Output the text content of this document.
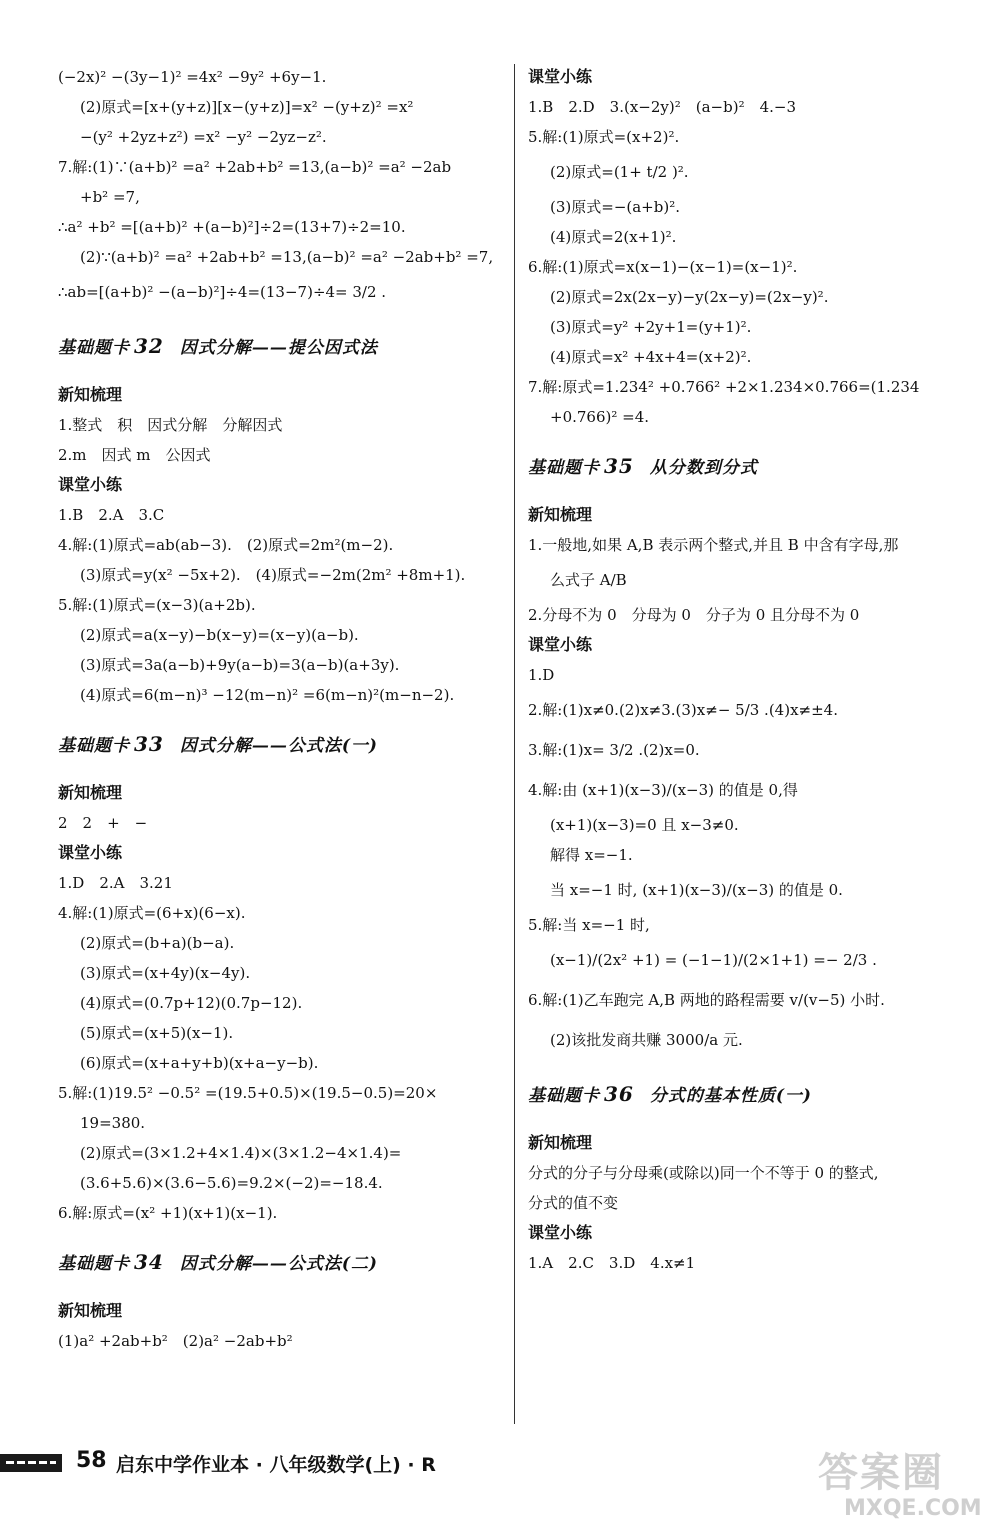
(−2x)² −(3y−1)² =4x² −9y² +6y−1.
(2)原式=[x+(y+z)][x−(y+z)]=x² −(y+z)² =x²
−(y² +2yz+z²) =x² −y² −2yz−z².
7.解:(1)∵(a+b)² =a² +2ab+b² =13,(a−b)² =a² −2ab
+b² =7,
∴a² +b² =[(a+b)² +(a−b)²]÷2=(13+7)÷2=10.
(2)∵(a+b)² =a² +2ab+b² =13,(a−b)² =a² −2ab+b² =7,
∴ab=[(a+b)² −(a−b)²]÷4=(13−7)÷4= 3/2 .
基础题卡 32 因式分解——提公因式法
新知梳理
1.整式　积　因式分解　分解因式
2.m　因式 m　公因式
课堂小练
1.B　2.A　3.C
4.解:(1)原式=ab(ab−3).　(2)原式=2m²(m−2).
(3)原式=y(x² −5x+2).　(4)原式=−2m(2m² +8m+1).
5.解:(1)原式=(x−3)(a+2b).
(2)原式=a(x−y)−b(x−y)=(x−y)(a−b).
(3)原式=3a(a−b)+9y(a−b)=3(a−b)(a+3y).
(4)原式=6(m−n)³ −12(m−n)² =6(m−n)²(m−n−2).
基础题卡 33 因式分解——公式法(一)
新知梳理
2　2　+　−
课堂小练
1.D　2.A　3.21
4.解:(1)原式=(6+x)(6−x).
(2)原式=(b+a)(b−a).
(3)原式=(x+4y)(x−4y).
(4)原式=(0.7p+12)(0.7p−12).
(5)原式=(x+5)(x−1).
(6)原式=(x+a+y+b)(x+a−y−b).
5.解:(1)19.5² −0.5² =(19.5+0.5)×(19.5−0.5)=20×
19=380.
(2)原式=(3×1.2+4×1.4)×(3×1.2−4×1.4)=
(3.6+5.6)×(3.6−5.6)=9.2×(−2)=−18.4.
6.解:原式=(x² +1)(x+1)(x−1).
基础题卡 34 因式分解——公式法(二)
新知梳理
(1)a² +2ab+b²　(2)a² −2ab+b²
课堂小练
1.B　2.D　3.(x−2y)²　(a−b)²　4.−3
5.解:(1)原式=(x+2)².
(2)原式=(1+ t/2 )².
(3)原式=−(a+b)².
(4)原式=2(x+1)².
6.解:(1)原式=x(x−1)−(x−1)=(x−1)².
(2)原式=2x(2x−y)−y(2x−y)=(2x−y)².
(3)原式=y² +2y+1=(y+1)².
(4)原式=x² +4x+4=(x+2)².
7.解:原式=1.234² +0.766² +2×1.234×0.766=(1.234
+0.766)² =4.
基础题卡 35 从分数到分式
新知梳理
1.一般地,如果 A,B 表示两个整式,并且 B 中含有字母,那
么式子 A/B
2.分母不为 0　分母为 0　分子为 0 且分母不为 0
课堂小练
1.D
2.解:(1)x≠0.(2)x≠3.(3)x≠− 5/3 .(4)x≠±4.
3.解:(1)x= 3/2 .(2)x=0.
4.解:由 (x+1)(x−3)/(x−3) 的值是 0,得
(x+1)(x−3)=0 且 x−3≠0.
解得 x=−1.
当 x=−1 时, (x+1)(x−3)/(x−3) 的值是 0.
5.解:当 x=−1 时,
(x−1)/(2x² +1) = (−1−1)/(2×1+1) =− 2/3 .
6.解:(1)乙车跑完 A,B 两地的路程需要 v/(v−5) 小时.
(2)该批发商共赚 3000/a 元.
基础题卡 36 分式的基本性质(一)
新知梳理
分式的分子与分母乘(或除以)同一个不等于 0 的整式,
分式的值不变
课堂小练
1.A　2.C　3.D　4.x≠1
58 启东中学作业本 · 八年级数学(上) · R	答案圈
MXQE.COM
